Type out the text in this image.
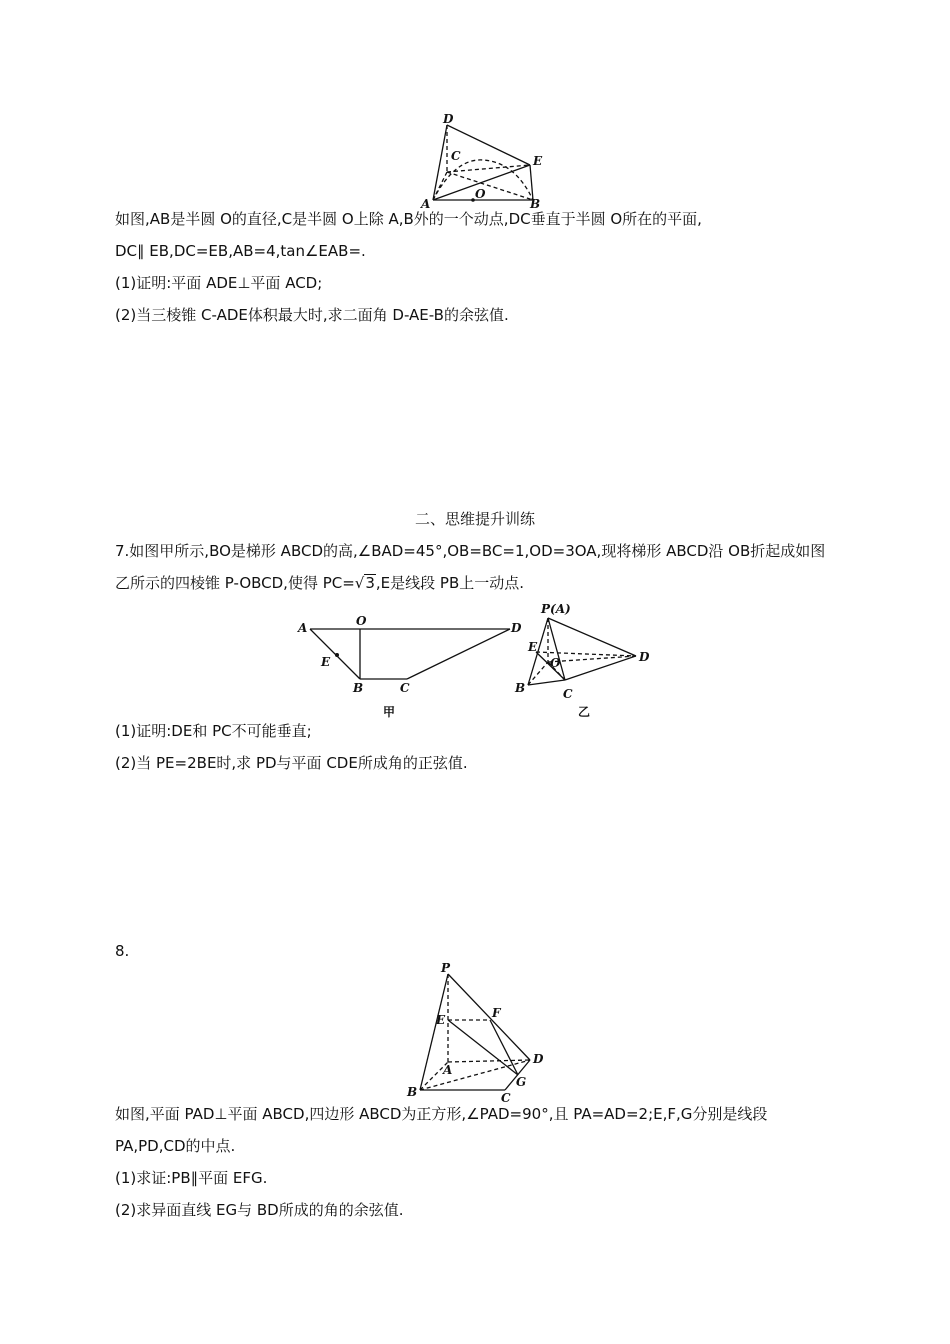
D
C	E
A
O
B
如图,AB是半圆 O的直径,C是半圆 O上除 A,B外的一个动点,DC垂直于半圆 O所在的平面,
DC∥ EB,DC=EB,AB=4,tan∠EAB=.
(1)证明:平面 ADE⊥平面 ACD;
(2)当三棱锥 C-ADE体积最大时,求二面角 D-AE-B的余弦值.
二、思维提升训练
7.如图甲所示,BO是梯形 ABCD的高,∠BAD=45°,OB=BC=1,OD=3OA,现将梯形 ABCD沿 OB折起成如图
乙所示的四棱锥 P-OBCD,使得 PC=√3,E是线段 PB上一动点.
A	O	D
E
B	C
甲
P(A)
E
O	D
B	C
乙
(1)证明:DE和 PC不可能垂直;
(2)当 PE=2BE时,求 PD与平面 CDE所成角的正弦值.
8.
P
F
E
D
A
G
B	C
如图,平面 PAD⊥平面 ABCD,四边形 ABCD为正方形,∠PAD=90°,且 PA=AD=2;E,F,G分别是线段
PA,PD,CD的中点.
(1)求证:PB∥平面 EFG.
(2)求异面直线 EG与 BD所成的角的余弦值.
